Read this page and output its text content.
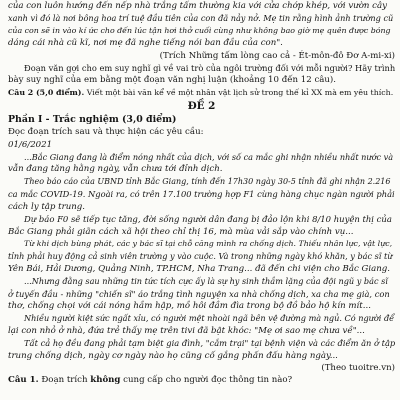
của con luôn hướng đến nếp nhà trắng tấm thường kia với cửa chớp khép, với vườn cây

xanh vì đó là nơi bông hoa trí tuệ đầu tiên của con đã nảy nở. Mẹ tin rằng hình ảnh trường cũ

của con sẽ in vào kí ức cho đến lúc tận hơi thở cuối cùng như không bao giờ mẹ quên được bóng

dáng cái nhà cũ kĩ, nơi mẹ đã nghe tiếng nói ban đầu của con".

(Trích Những tấm lòng cao cả - Ét-môn-đô Đơ A-mi-xi)

Đoạn văn gợi cho em suy nghĩ gì về vai trò của ngôi trường đối với mỗi người? Hãy trình

bày suy nghĩ của em bằng một đoạn văn nghị luận (khoảng 10 đến 12 câu).

Câu 2 (5,0 điểm). Viết một bài văn kể về một nhân vật lịch sử trong thế kỉ XX mà em yêu thích.

ĐỀ 2

Phần I - Trắc nghiệm (3,0 điểm)

Đọc đoạn trích sau và thực hiện các yêu cầu:

01/6/2021

...Bắc Giang đang là điểm nóng nhất của dịch, với số ca mắc ghi nhận nhiều nhất nước và

vẫn đang tăng hằng ngày, vẫn chưa tới đỉnh dịch.

Theo báo cáo của UBND tỉnh Bắc Giang, tính đến 17h30 ngày 30-5 tỉnh đã ghi nhận 2.216

ca mắc COVID-19. Ngoài ra, có trên 17.100 trường hợp F1 cùng hàng chục ngàn người phải

cách ly tập trung.

Dự báo F0 sẽ tiếp tục tăng, đời sống người dân đang bị đảo lộn khi 8/10 huyện thị của

Bắc Giang phải giãn cách xã hội theo chỉ thị 16, mà mùa vải sắp vào chính vụ...

Từ khi dịch bùng phát, các y bác sĩ tại chỗ căng mình ra chống dịch. Thiếu nhân lực, vật lực,

tỉnh phải huy động cả sinh viên trường y vào cuộc. Và trong những ngày khó khăn, y bác sĩ từ

Yên Bái, Hải Dương, Quảng Ninh, TP.HCM, Nha Trang... đã đến chi viện cho Bắc Giang.

...Nhưng đằng sau những tin tức tích cực ấy là sự hy sinh thầm lặng của đội ngũ y bác sĩ

ở tuyến đầu - những "chiến sĩ" áo trắng tình nguyện xa nhà chống dịch, xa cha mẹ già, con

thơ, chống chọi với cái nóng hầm hập, mồ hôi đầm đìa trong bộ đồ bảo hộ kín mít...

Nhiều người kiệt sức ngất xỉu, có người mệt nhoài ngã bên vệ đường mà ngủ. Có người để

lại con nhỏ ở nhà, đứa trẻ thấy mẹ trên tivi đã bật khóc: "Mẹ ơi sao mẹ chưa về"...

Tất cả họ đều đang phải tạm biệt gia đình, "cắm trại" tại bệnh viện và các điểm ăn ở tập

trung chống dịch, ngày cơ ngày nào họ cũng cố gắng phấn đấu hàng ngày...

(Theo tuoitre.vn)

Câu 1. Đoạn trích không cung cấp cho người đọc thông tin nào?
